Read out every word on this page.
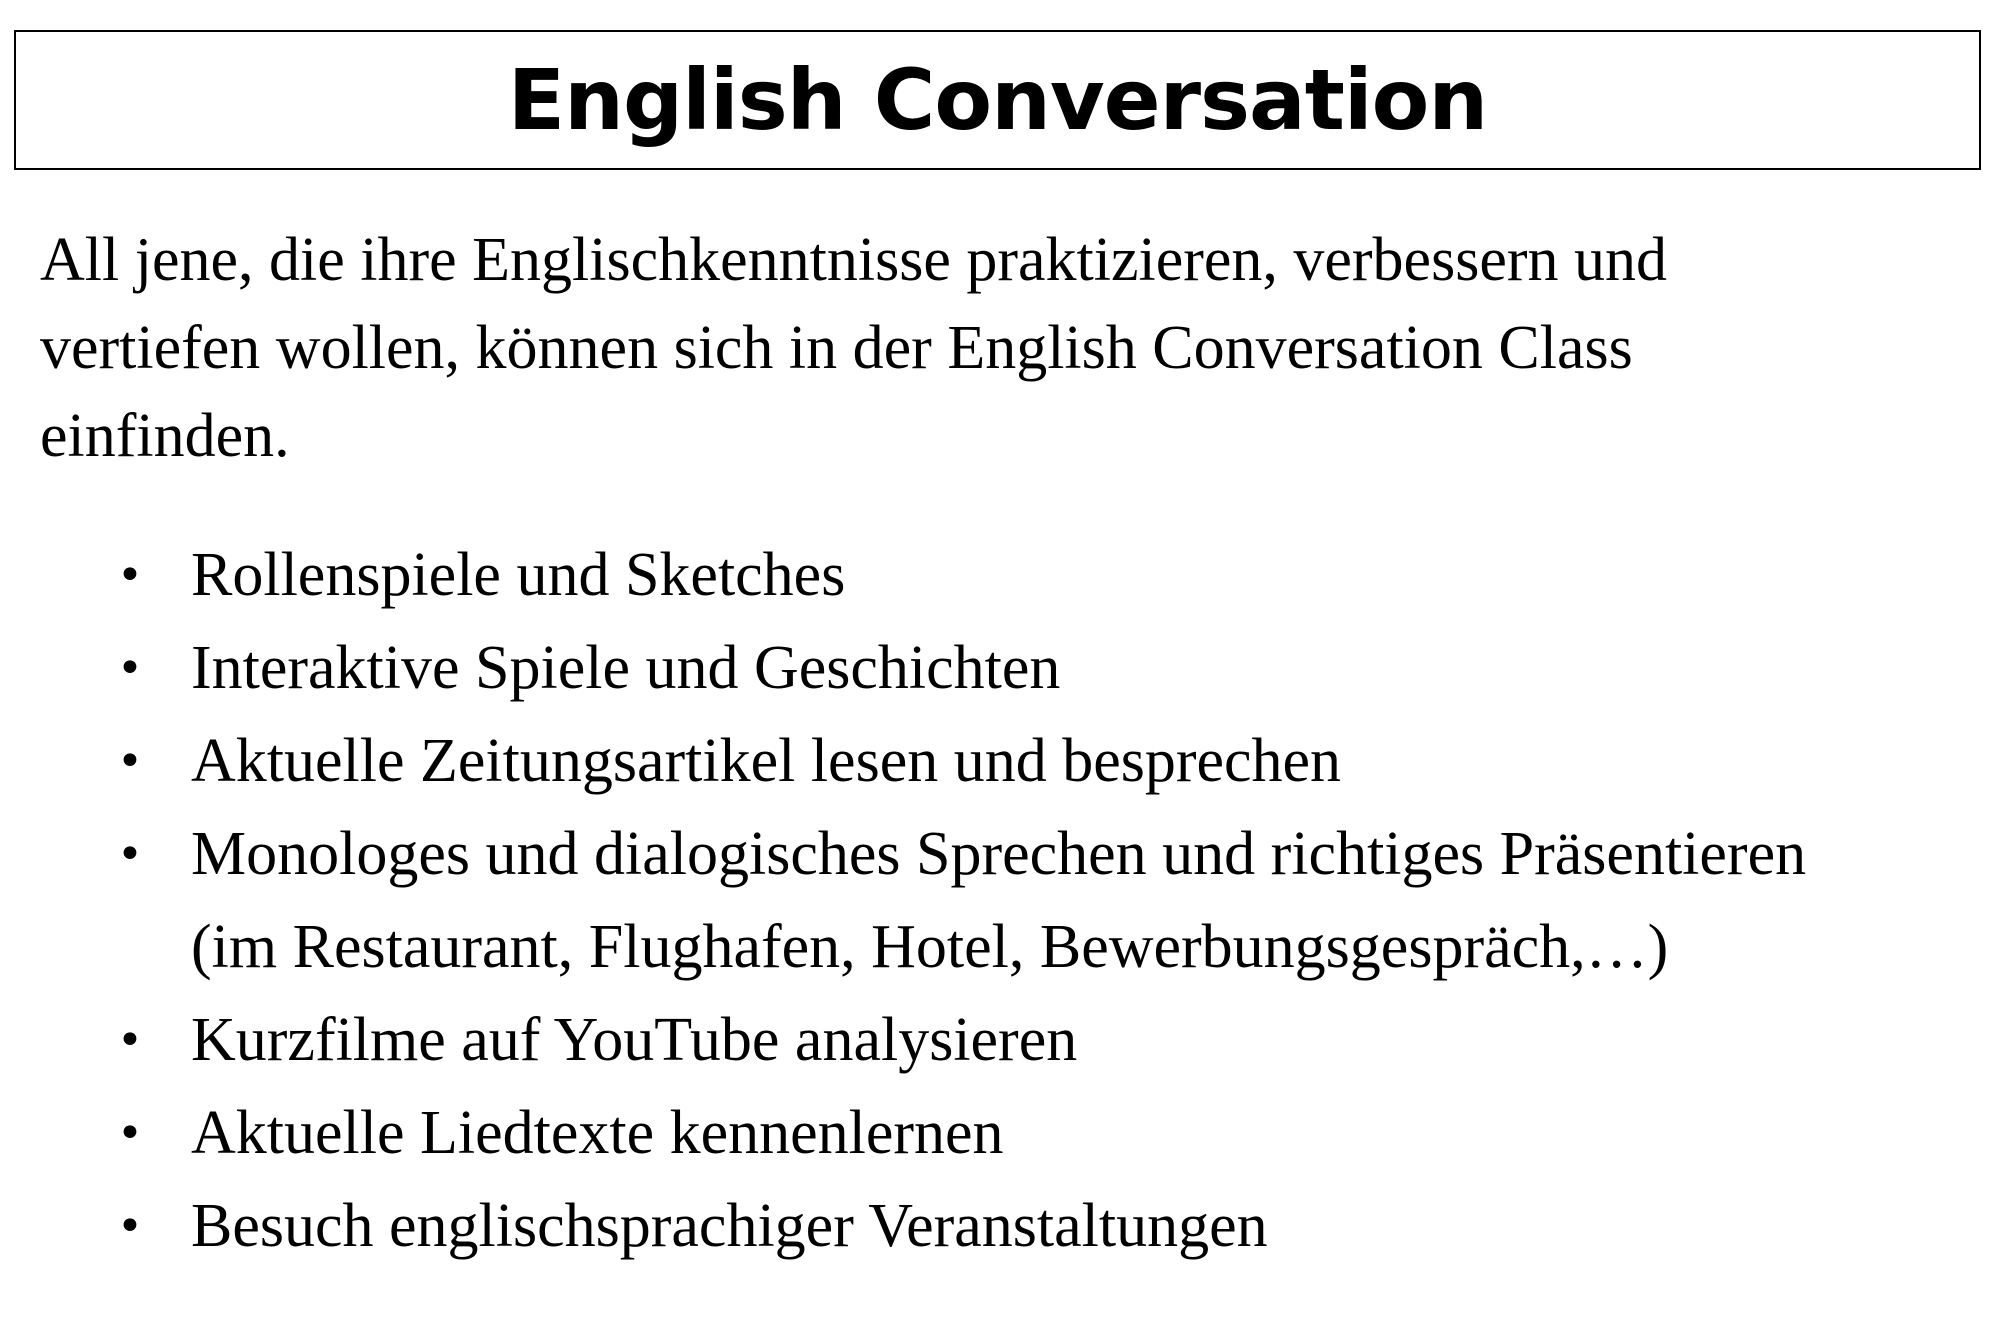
English Conversation

All jene, die ihre Englischkenntnisse praktizieren, verbessern und
vertiefen wollen, können sich in der English Conversation Class
einfinden.

• Rollenspiele und Sketches
• Interaktive Spiele und Geschichten
• Aktuelle Zeitungsartikel lesen und besprechen
• Monologes und dialogisches Sprechen und richtiges Präsentieren
(im Restaurant, Flughafen, Hotel, Bewerbungsgespräch,…)
• Kurzfilme auf YouTube analysieren
• Aktuelle Liedtexte kennenlernen
• Besuch englischsprachiger Veranstaltungen
